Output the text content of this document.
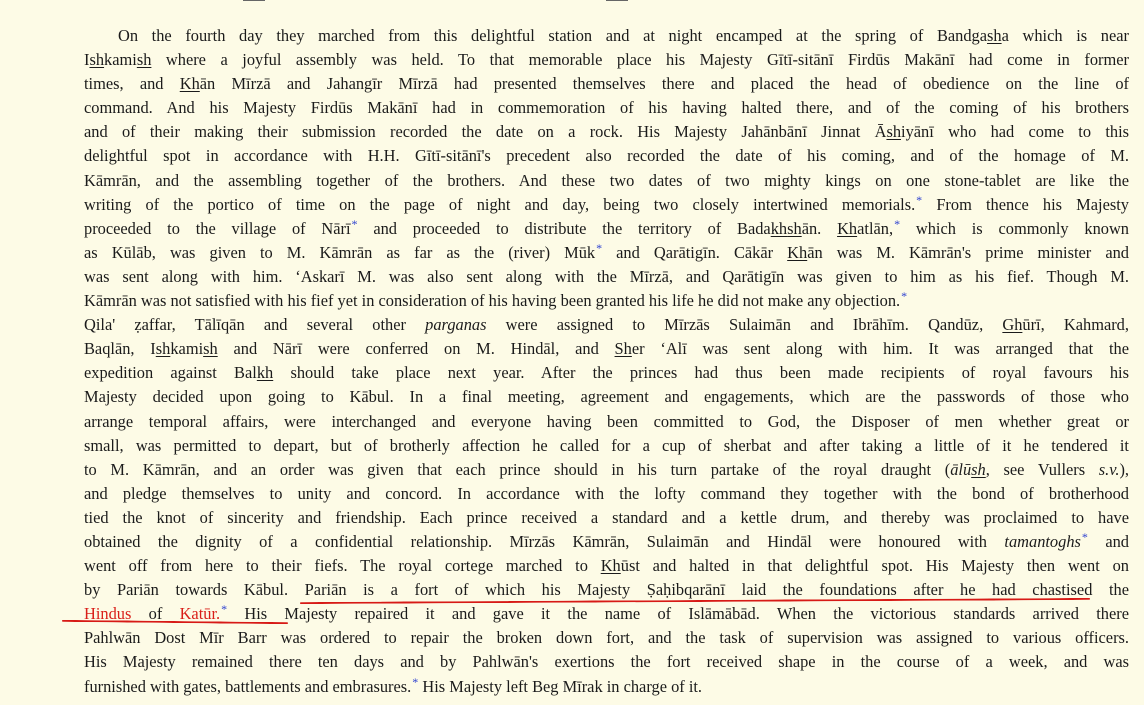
On the fourth day they marched from this delightful station and at night encamped at the spring of Bandgasha which is near
Ishkamish where a joyful assembly was held. To that memorable place his Majesty Gītī-sitānī Firdūs Makānī had come in former
times, and Khān Mīrzā and Jahangīr Mīrzā had presented themselves there and placed the head of obedience on the line of
command. And his Majesty Firdūs Makānī had in commemoration of his having halted there, and of the coming of his brothers
and of their making their submission recorded the date on a rock. His Majesty Jahānbānī Jinnat Āshiyānī who had come to this
delightful spot in accordance with H.H. Gītī-sitānī's precedent also recorded the date of his coming, and of the homage of M.
Kāmrān, and the assembling together of the brothers. And these two dates of two mighty kings on one stone-tablet are like the
writing of the portico of time on the page of night and day, being two closely intertwined memorials.* From thence his Majesty
proceeded to the village of Nārī* and proceeded to distribute the territory of Badakhshān. Khatlān,* which is commonly known
as Kūlāb, was given to M. Kāmrān as far as the (river) Mūk* and Qarātigīn. Cākār Khān was M. Kāmrān's prime minister and
was sent along with him. ‘Askarī M. was also sent along with the Mīrzā, and Qarātigīn was given to him as his fief. Though M.
Kāmrān was not satisfied with his fief yet in consideration of his having been granted his life he did not make any objection.*
Qila' ẓaffar, Tālīqān and several other parganas were assigned to Mīrzās Sulaimān and Ibrāhīm. Qandūz, Ghūrī, Kahmard,
Baqlān, Ishkamish and Nārī were conferred on M. Hindāl, and Sher ‘Alī was sent along with him. It was arranged that the
expedition against Balkh should take place next year. After the princes had thus been made recipients of royal favours his
Majesty decided upon going to Kābul. In a final meeting, agreement and engagements, which are the passwords of those who
arrange temporal affairs, were interchanged and everyone having been committed to God, the Disposer of men whether great or
small, was permitted to depart, but of brotherly affection he called for a cup of sherbat and after taking a little of it he tendered it
to M. Kāmrān, and an order was given that each prince should in his turn partake of the royal draught (ālūsh, see Vullers s.v.),
and pledge themselves to unity and concord. In accordance with the lofty command they together with the bond of brotherhood
tied the knot of sincerity and friendship. Each prince received a standard and a kettle drum, and thereby was proclaimed to have
obtained the dignity of a confidential relationship. Mīrzās Kāmrān, Sulaimān and Hindāl were honoured with tamantoghs* and
went off from here to their fiefs. The royal cortege marched to Khūst and halted in that delightful spot. His Majesty then went on
by Pariān towards Kābul. Pariān is a fort of which his Majesty Ṣaḥibqarānī laid the foundations after he had chastised the
Hindus of Katūr.* His Majesty repaired it and gave it the name of Islāmābād. When the victorious standards arrived there
Pahlwān Dost Mīr Barr was ordered to repair the broken down fort, and the task of supervision was assigned to various officers.
His Majesty remained there ten days and by Pahlwān's exertions the fort received shape in the course of a week, and was
furnished with gates, battlements and embrasures.* His Majesty left Beg Mīrak in charge of it.
